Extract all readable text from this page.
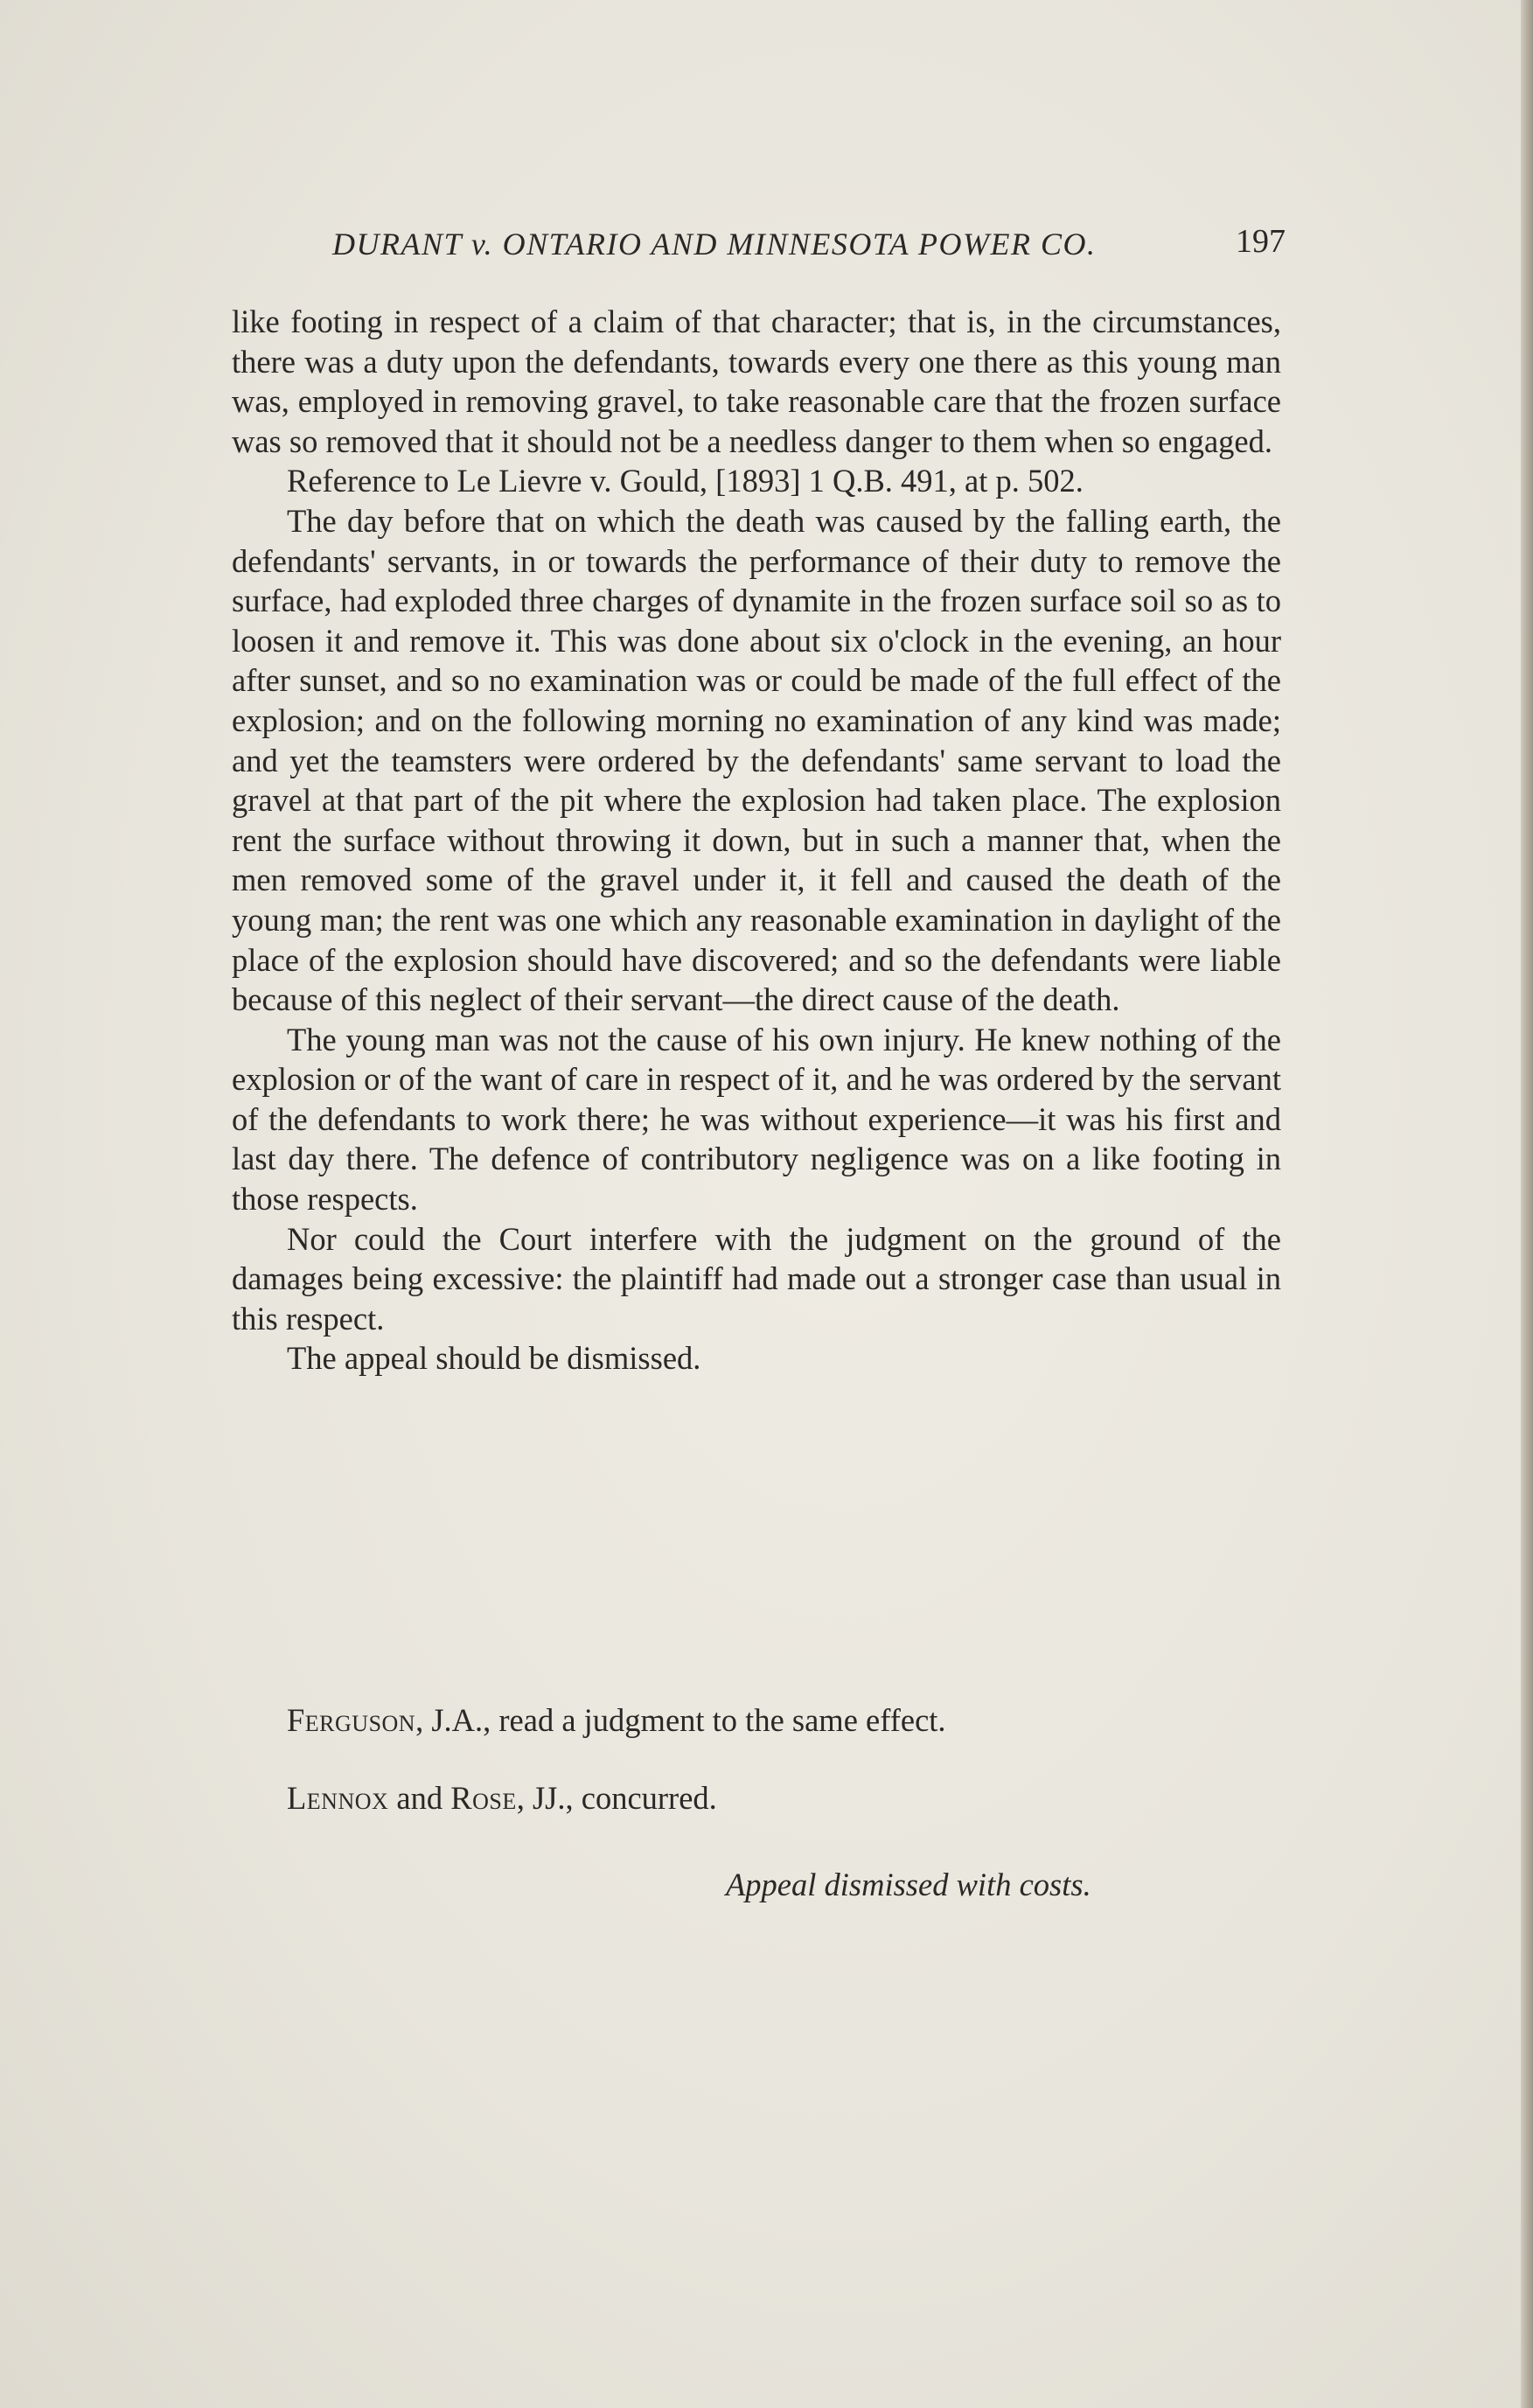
DURANT v. ONTARIO AND MINNESOTA POWER CO.	197

like footing in respect of a claim of that character; that is, in the circumstances, there was a duty upon the defendants, towards every one there as this young man was, employed in removing gravel, to take reasonable care that the frozen surface was so removed that it should not be a needless danger to them when so engaged.

Reference to Le Lievre v. Gould, [1893] 1 Q.B. 491, at p. 502.

The day before that on which the death was caused by the falling earth, the defendants' servants, in or towards the performance of their duty to remove the surface, had exploded three charges of dynamite in the frozen surface soil so as to loosen it and remove it. This was done about six o'clock in the evening, an hour after sunset, and so no examination was or could be made of the full effect of the explosion; and on the following morning no examination of any kind was made; and yet the teamsters were ordered by the defendants' same servant to load the gravel at that part of the pit where the explosion had taken place. The explosion rent the surface without throwing it down, but in such a manner that, when the men removed some of the gravel under it, it fell and caused the death of the young man; the rent was one which any reasonable examination in daylight of the place of the explosion should have discovered; and so the defendants were liable because of this neglect of their servant—the direct cause of the death.

The young man was not the cause of his own injury. He knew nothing of the explosion or of the want of care in respect of it, and he was ordered by the servant of the defendants to work there; he was without experience—it was his first and last day there. The defence of contributory negligence was on a like footing in those respects.

Nor could the Court interfere with the judgment on the ground of the damages being excessive: the plaintiff had made out a stronger case than usual in this respect.

The appeal should be dismissed.

Ferguson, J.A., read a judgment to the same effect.
Lennox and Rose, JJ., concurred.
Appeal dismissed with costs.
